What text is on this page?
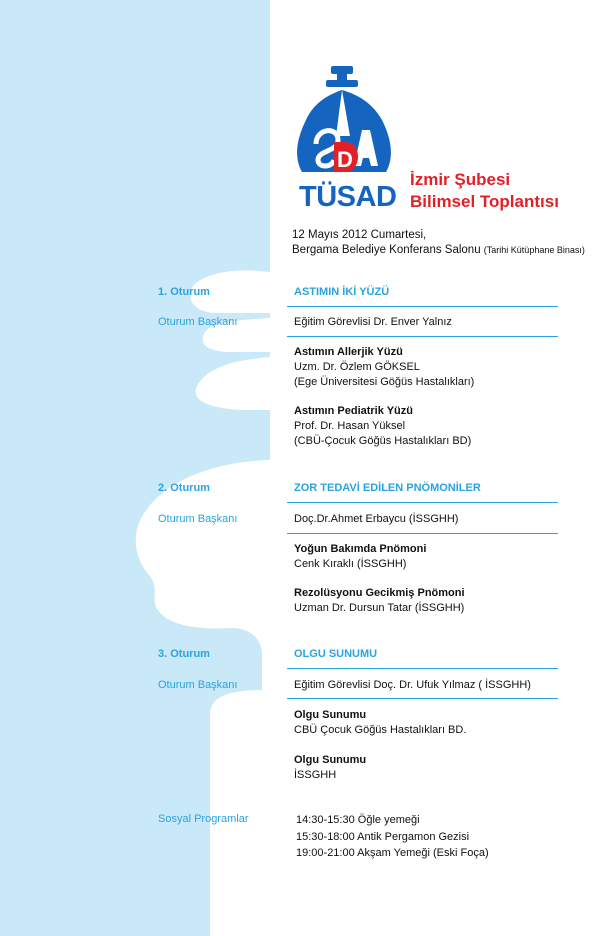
D
TÜSAD
İzmir Şubesi
Bilimsel Toplantısı
12 Mayıs 2012 Cumartesi,
Bergama Belediye Konferans Salonu (Tarihi Kütüphane Binası)
1. Oturum	ASTIMIN İKİ YÜZÜ
Oturum Başkanı	Eğitim Görevlisi Dr. Enver Yalnız
Astımın Allerjik Yüzü
Uzm. Dr. Özlem GÖKSEL
(Ege Üniversitesi Göğüs Hastalıkları)
Astımın Pediatrik Yüzü
Prof. Dr. Hasan Yüksel
(CBÜ-Çocuk Göğüs Hastalıkları BD)
2. Oturum	ZOR TEDAVİ EDİLEN PNÖMONİLER
Oturum Başkanı	Doç.Dr.Ahmet Erbaycu (İSSGHH)
Yoğun Bakımda Pnömoni
Cenk Kıraklı (İSSGHH)
Rezolüsyonu Gecikmiş Pnömoni
Uzman Dr. Dursun Tatar (İSSGHH)
3. Oturum	OLGU SUNUMU
Oturum Başkanı	Eğitim Görevlisi Doç. Dr. Ufuk Yılmaz ( İSSGHH)
Olgu Sunumu
CBÜ Çocuk Göğüs Hastalıkları BD.
Olgu Sunumu
İSSGHH
Sosyal Programlar	14:30-15:30 Öğle yemeği
15:30-18:00 Antik Pergamon Gezisi
19:00-21:00 Akşam Yemeği (Eski Foça)
